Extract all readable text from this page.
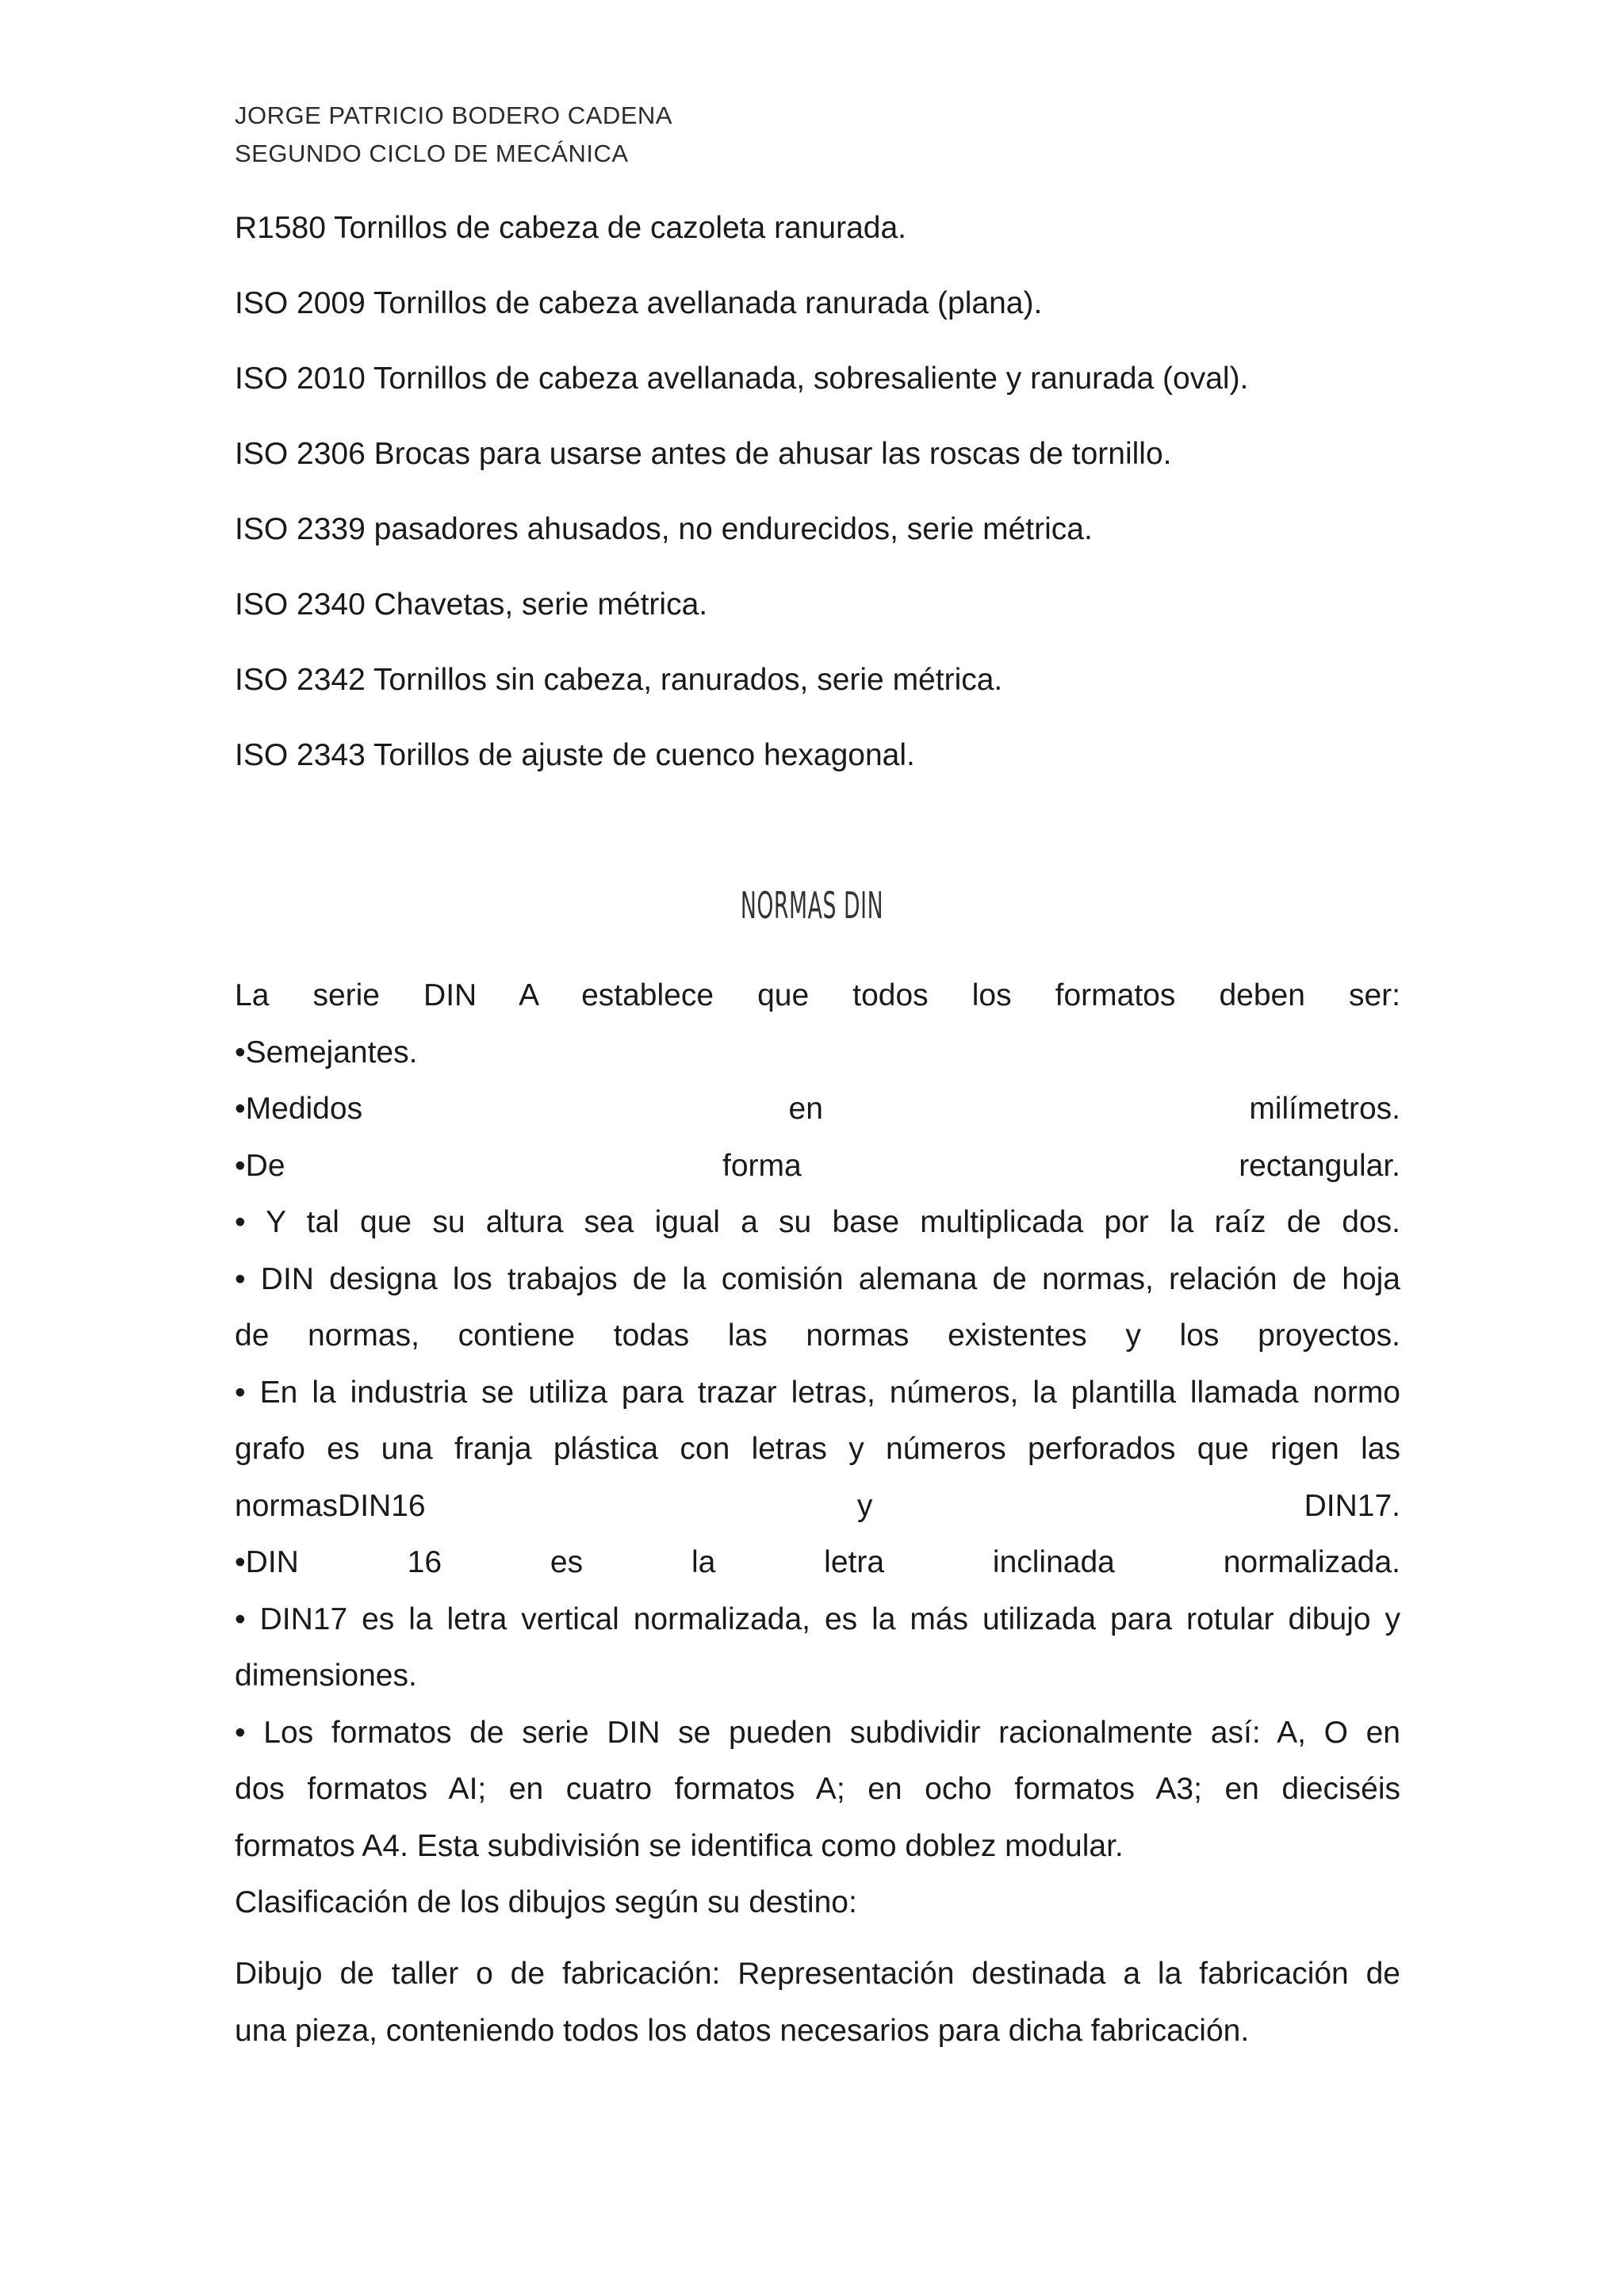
JORGE PATRICIO BODERO CADENA
SEGUNDO CICLO DE MECÁNICA
R1580 Tornillos de cabeza de cazoleta ranurada.
ISO 2009 Tornillos de cabeza avellanada ranurada (plana).
ISO 2010 Tornillos de cabeza avellanada, sobresaliente y ranurada (oval).
ISO 2306 Brocas para usarse antes de ahusar las roscas de tornillo.
ISO 2339 pasadores ahusados, no endurecidos, serie métrica.
ISO 2340 Chavetas, serie métrica.
ISO 2342 Tornillos sin cabeza, ranurados, serie métrica.
ISO 2343 Torillos de ajuste de cuenco hexagonal.
NORMAS DIN
La serie DIN A establece que todos los formatos deben ser:
•Semejantes.
•Medidos en milímetros.
•De forma rectangular.
• Y tal que su altura sea igual a su base multiplicada por la raíz de dos.
• DIN designa los trabajos de la comisión alemana de normas, relación de hoja
de normas, contiene todas las normas existentes y los proyectos.
• En la industria se utiliza para trazar letras, números, la plantilla llamada normo
grafo es una franja plástica con letras y números perforados que rigen las
normasDIN16 y DIN17.
•DIN 16 es la letra inclinada normalizada.
• DIN17 es la letra vertical normalizada, es la más utilizada para rotular dibujo y
dimensiones.
• Los formatos de serie DIN se pueden subdividir racionalmente así: A, O en
dos formatos AI; en cuatro formatos A; en ocho formatos A3; en dieciséis
formatos A4. Esta subdivisión se identifica como doblez modular.
Clasificación de los dibujos según su destino:
Dibujo de taller o de fabricación: Representación destinada a la fabricación de
una pieza, conteniendo todos los datos necesarios para dicha fabricación.
